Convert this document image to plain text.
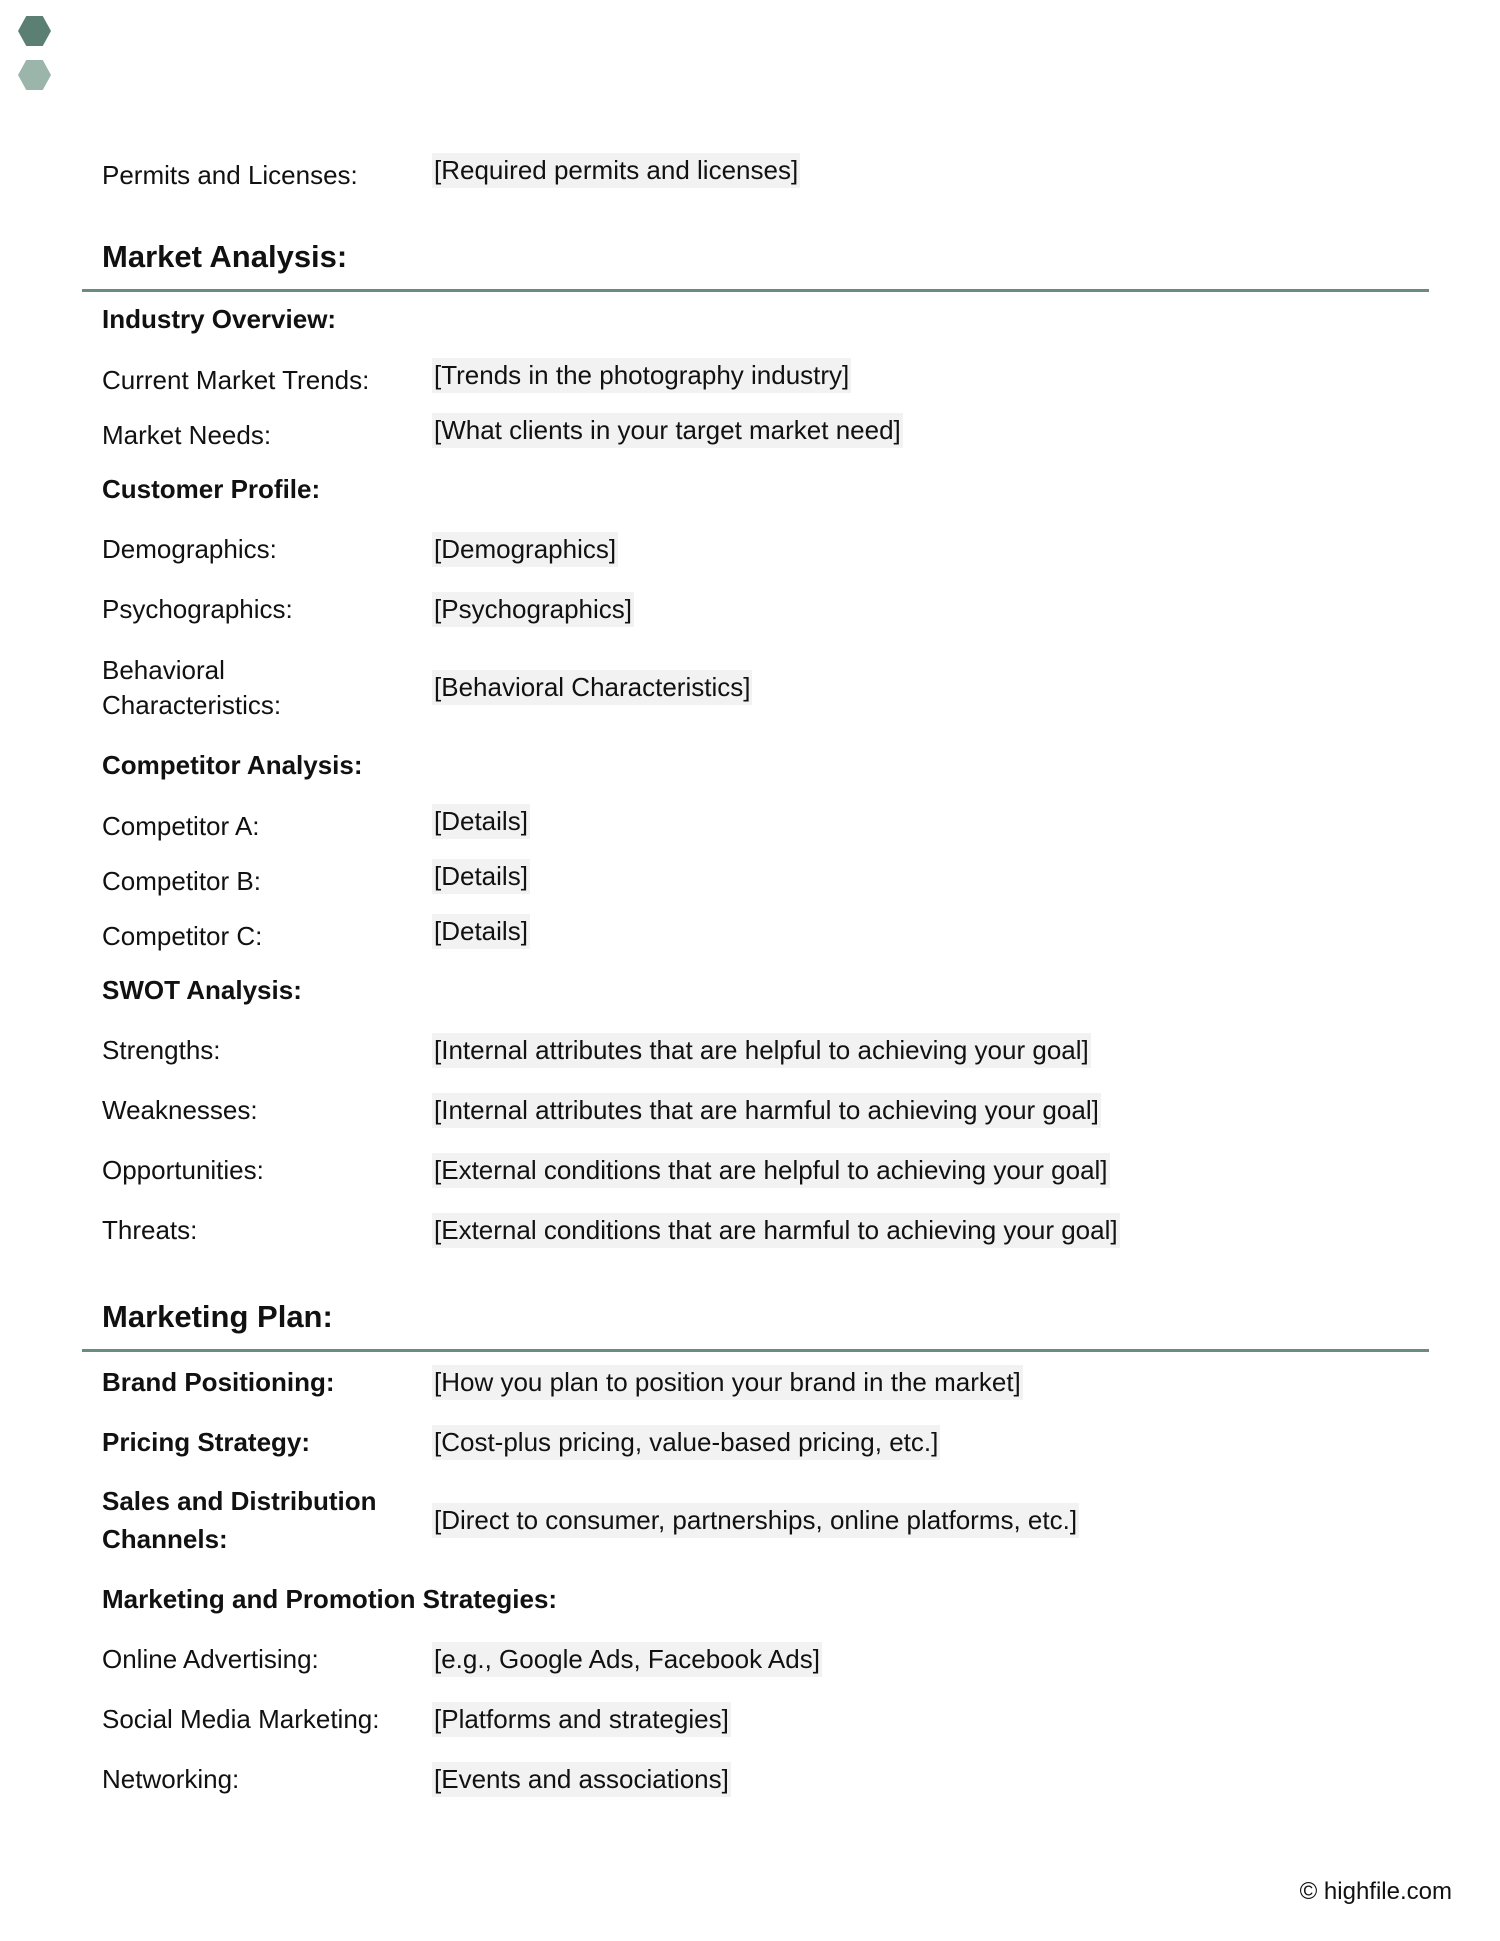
Permits and Licenses:	[Required permits and licenses]
Market Analysis:
Industry Overview:
Current Market Trends: [Trends in the photography industry]
Market Needs:	[What clients in your target market need]
Customer Profile:
Demographics:	[Demographics]
Psychographics:	[Psychographics]
Behavioral
Characteristics:
[Behavioral Characteristics]
Competitor Analysis:
Competitor A:	[Details]
Competitor B:	[Details]
Competitor C:	[Details]
SWOT Analysis:
Strengths:	[Internal attributes that are helpful to achieving your goal]
Weaknesses:	[Internal attributes that are harmful to achieving your goal]
Opportunities:	[External conditions that are helpful to achieving your goal]
Threats:	[External conditions that are harmful to achieving your goal]
Marketing Plan:
Brand Positioning:	[How you plan to position your brand in the market]
Pricing Strategy:	[Cost-plus pricing, value-based pricing, etc.]
Sales and Distribution
Channels:
[Direct to consumer, partnerships, online platforms, etc.]
Marketing and Promotion Strategies:
Online Advertising:	[e.g., Google Ads, Facebook Ads]
Social Media Marketing: [Platforms and strategies]
Networking:	[Events and associations]
© highfile.com
